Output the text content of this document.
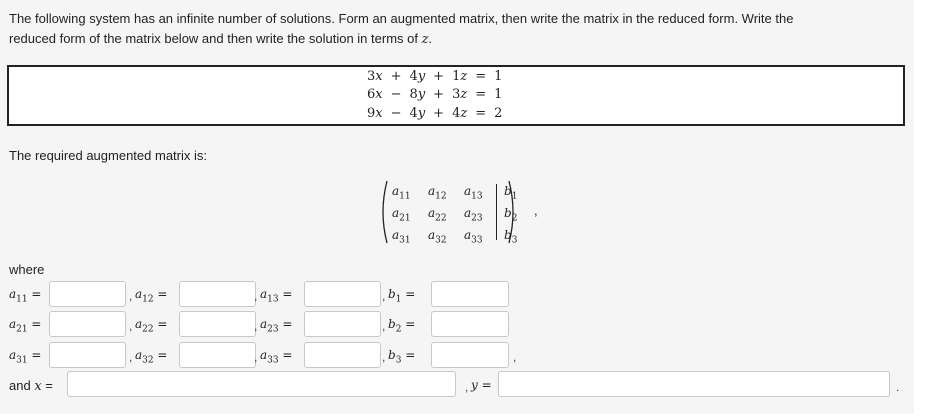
The following system has an infinite number of solutions. Form an augmented matrix, then write the matrix in the reduced form. Write the
reduced form of the matrix below and then write the solution in terms of z.
3x	+	4y	+	1z	=	1
6x	−	8y	+	3z	=	1
9x	−	4y	+	4z	=	2
The required augmented matrix is:
$a_{11}$ $a_{12}$ $a_{13}$ $b_1$
$a_{21}$ $a_{22}$ $a_{23}$ $b_2$
$a_{31}$ $a_{32}$ $a_{33}$ $b_3$
,
where
$a_{11}$ =	, $a_{12}$ =	, $a_{13}$ =	, $b_1$ =
$a_{21}$ =	, $a_{22}$ =	, $a_{23}$ =	, $b_2$ =
$a_{31}$ =	, $a_{32}$ =	, $a_{33}$ =	, $b_3$ =	,
and x =	, y =	.
